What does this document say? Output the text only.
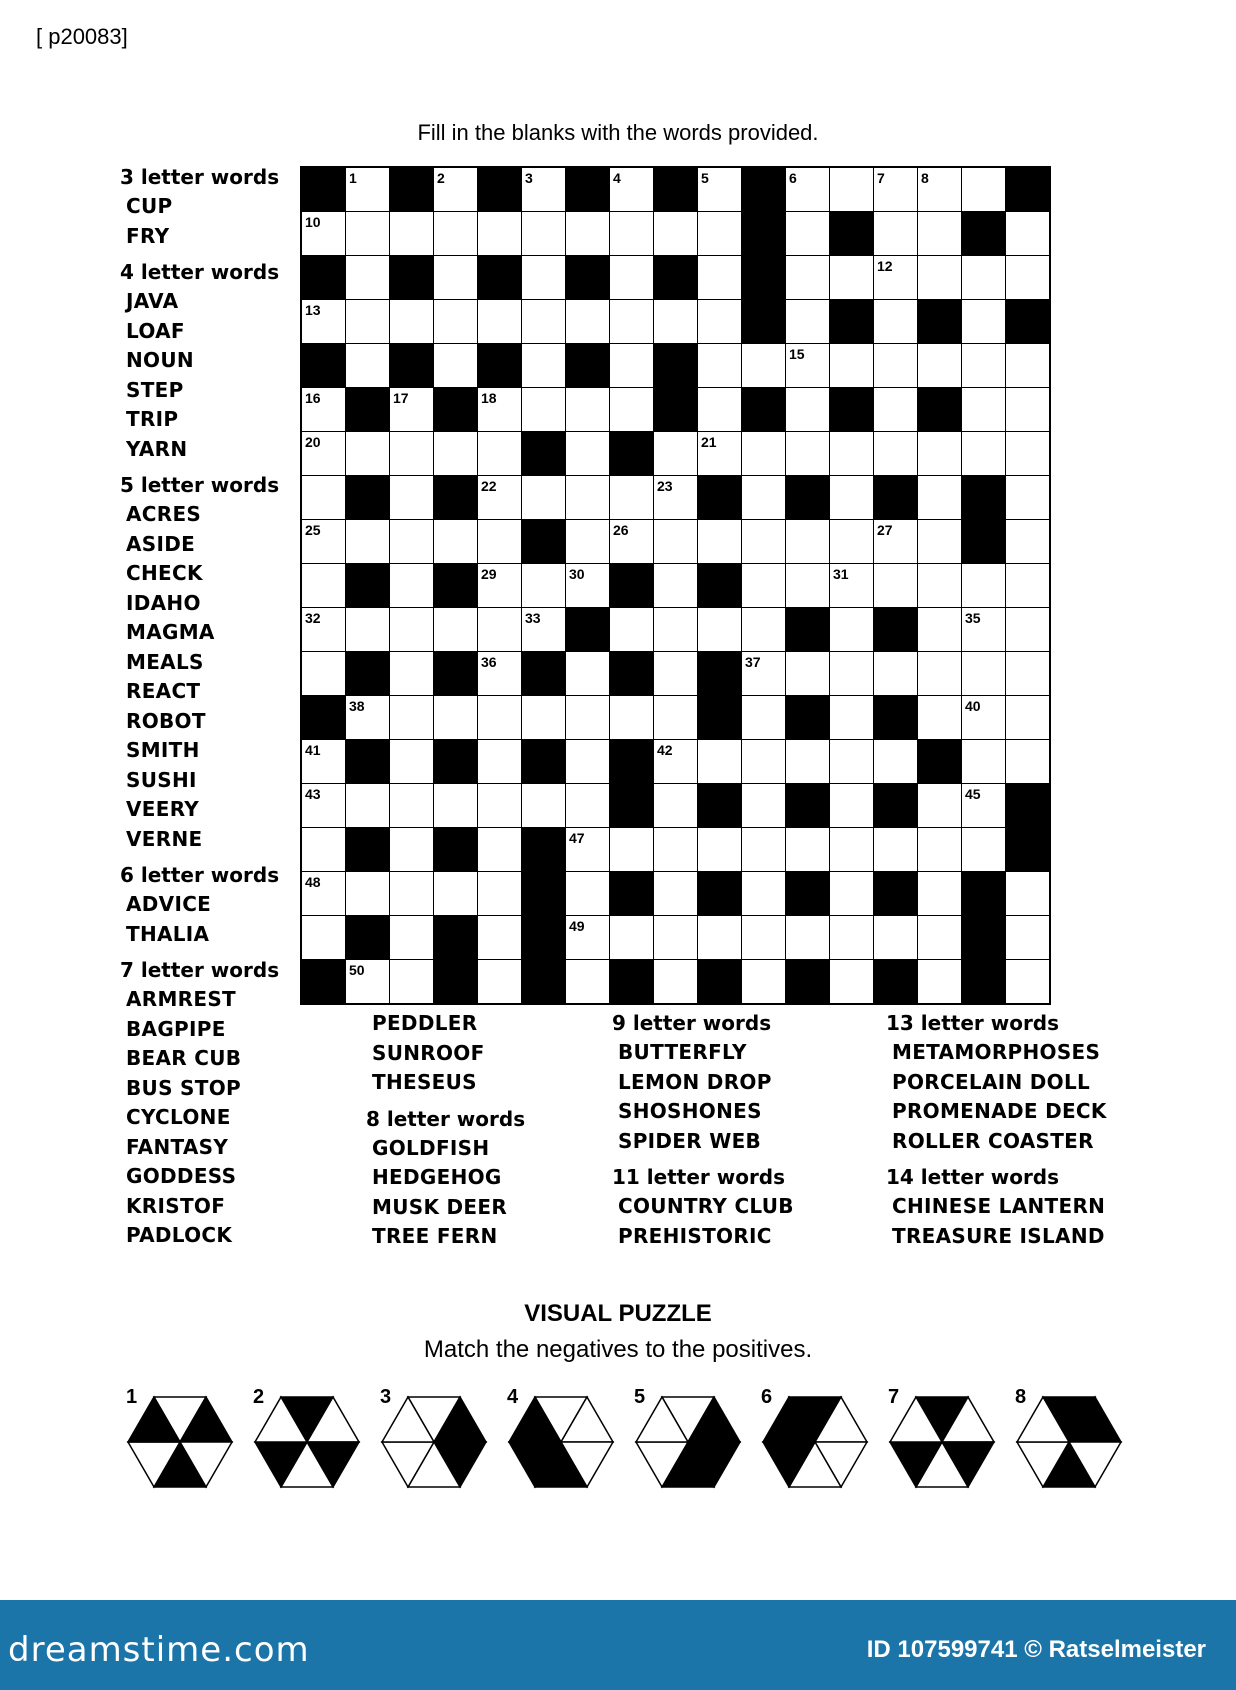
[ p20083]
Fill in the blanks with the words provided.
3 letter words
CUP
FRY
4 letter words
JAVA
LOAF
NOUN
STEP
TRIP
YARN
5 letter words
ACRES
ASIDE
CHECK
IDAHO
MAGMA
MEALS
REACT
ROBOT
SMITH
SUSHI
VEERY
VERNE
6 letter words
ADVICE
THALIA
7 letter words
ARMREST
BAGPIPE
BEAR CUB
BUS STOP
CYCLONE
FANTASY
GODDESS
KRISTOF
PADLOCK
PEDDLER
SUNROOF
THESEUS
8 letter words
GOLDFISH
HEDGEHOG
MUSK DEER
TREE FERN
9 letter words
BUTTERFLY
LEMON DROP
SHOSHONES
SPIDER WEB
11 letter words
COUNTRY CLUB
PREHISTORIC
13 letter words
METAMORPHOSES
PORCELAIN DOLL
PROMENADE DECK
ROLLER COASTER
14 letter words
CHINESE LANTERN
TREASURE ISLAND
1	2	3	4	5	6	7	8	9
10
12
13	14
15
16	17	18	19
20	21
22	23
25	26	27	28
29	30	31
32	33	34	35
36	37
38	39	40
41	42
43	44	45
47
48
49
50
VISUAL PUZZLE
Match the negatives to the positives.
1	2	3	4	5	6	7	8
dreamstime.com	ID 107599741 © Ratselmeister
